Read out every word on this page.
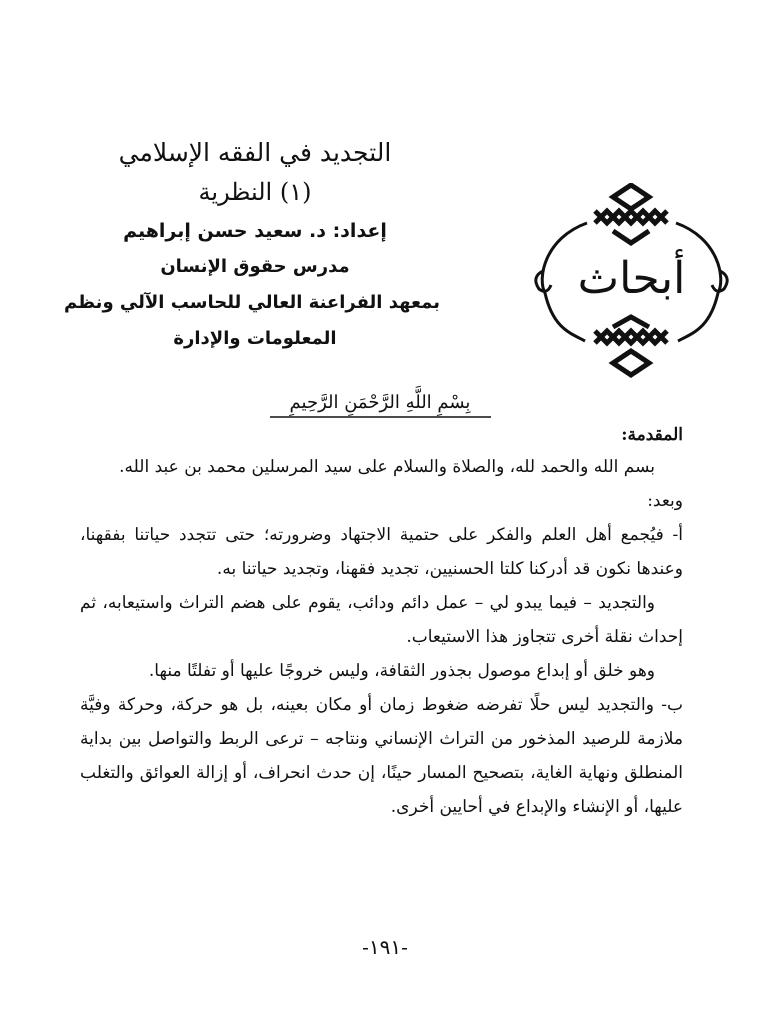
التجديد في الفقه الإسلامي

(١) النظرية

إعداد: د. سعيد حسن إبراهيم

مدرس حقوق الإنسان

بمعهد الفراعنة العالي للحاسب الآلي ونظم

المعلومات والإدارة

أبحاث
بِسْمِ اللَّهِ الرَّحْمَنِ الرَّحِيمِ

المقدمة:

بسم الله والحمد لله، والصلاة والسلام على سيد المرسلين محمد بن عبد الله.

وبعد:

أ- فيُجمع أهل العلم والفكر على حتمية الاجتهاد وضرورته؛ حتى تتجدد حياتنا بفقهنا، وعندها نكون قد أدركنا كلتا الحسنيين، تجديد فقهنا، وتجديد حياتنا به.

والتجديد – فيما يبدو لي – عمل دائم ودائب، يقوم على هضم التراث واستيعابه، ثم إحداث نقلة أخرى تتجاوز هذا الاستيعاب.

وهو خلق أو إبداع موصول بجذور الثقافة، وليس خروجًا عليها أو تفلتًا منها.

ب- والتجديد ليس حلًا تفرضه ضغوط زمان أو مكان بعينه، بل هو حركة، وحركة وفيَّة ملازمة للرصيد المذخور من التراث الإنساني ونتاجه – ترعى الربط والتواصل بين بداية المنطلق ونهاية الغاية، بتصحيح المسار حينًا، إن حدث انحراف، أو إزالة العوائق والتغلب عليها، أو الإنشاء والإبداع في أحايين أخرى.

-١٩١-
